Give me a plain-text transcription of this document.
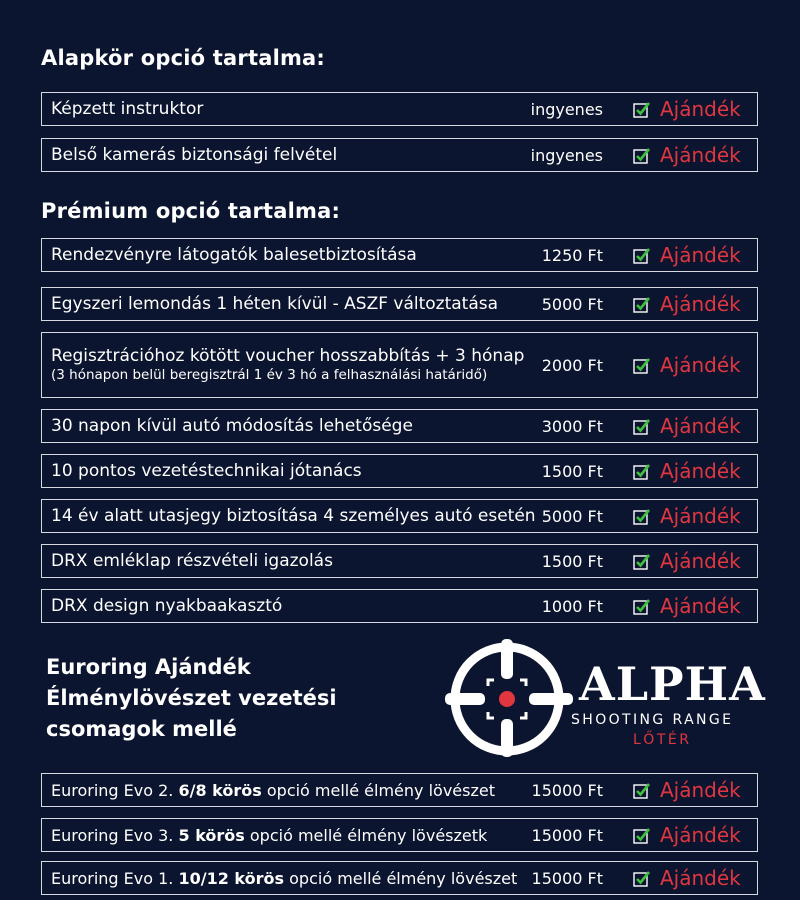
Alapkör opció tartalma:
Képzett instruktor	ingyenes	Ajándék
Belső kamerás biztonsági felvétel	ingyenes	Ajándék
Prémium opció tartalma:
Rendezvényre látogatók balesetbiztosítása	1250 Ft	Ajándék
Egyszeri lemondás 1 héten kívül - ASZF változtatása	5000 Ft	Ajándék
Regisztrációhoz kötött voucher hosszabbítás + 3 hónap
(3 hónapon belül beregisztrál 1 év 3 hó a felhasználási határidő)
2000 Ft	Ajándék
30 napon kívül autó módosítás lehetősége	3000 Ft	Ajándék
10 pontos vezetéstechnikai jótanács	1500 Ft	Ajándék
14 év alatt utasjegy biztosítása 4 személyes autó esetén 5000 Ft	Ajándék
DRX emléklap részvételi igazolás	1500 Ft	Ajándék
DRX design nyakbaakasztó	1000 Ft	Ajándék
Euroring Ajándék
Élménylövészet vezetési
csomagok mellé
ALPHA
SHOOTING RANGE
LŐTÉR
Euroring Evo 2. 6/8 körös opció mellé élmény lövészet 15000 Ft	Ajándék
Euroring Evo 3. 5 körös opció mellé élmény lövészetk	15000 Ft	Ajándék
Euroring Evo 1. 10/12 körös opció mellé élmény lövészet 15000 Ft	Ajándék
